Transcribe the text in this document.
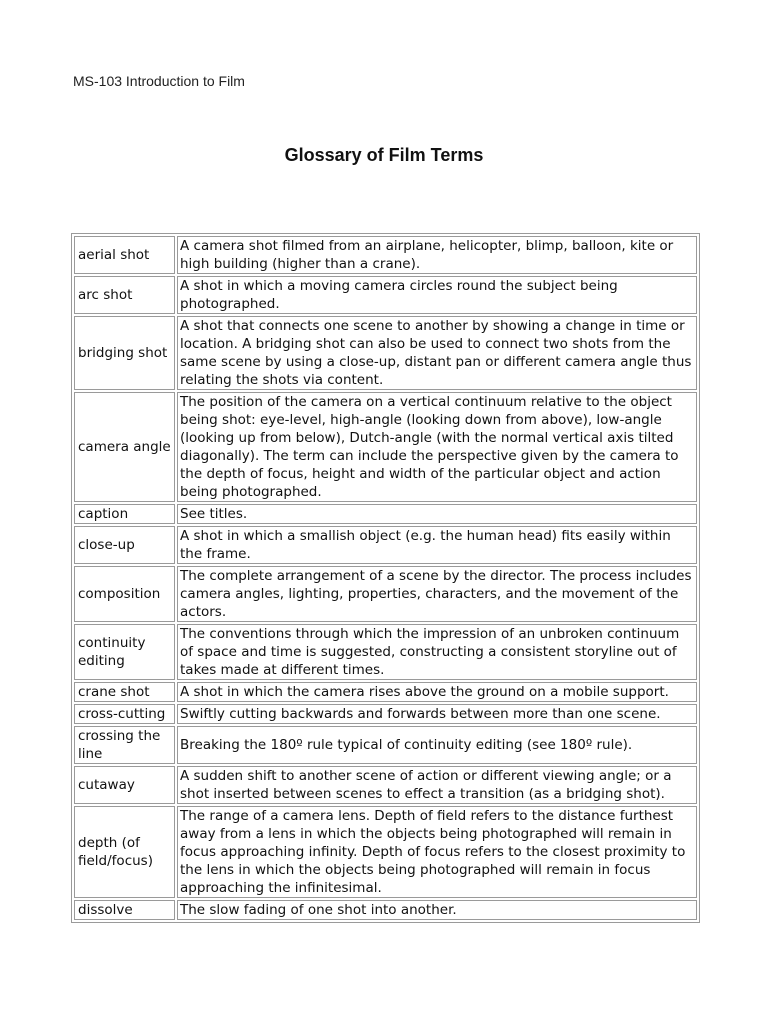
MS-103 Introduction to Film
Glossary of Film Terms
aerial shot	A camera shot filmed from an airplane, helicopter, blimp, balloon, kite or high building (higher than a crane).
arc shot	A shot in which a moving camera circles round the subject being photographed.
bridging shot	A shot that connects one scene to another by showing a change in time or location. A bridging shot can also be used to connect two shots from the same scene by using a close-up, distant pan or different camera angle thus relating the shots via content.
camera angle	The position of the camera on a vertical continuum relative to the object being shot: eye-level, high-angle (looking down from above), low-angle (looking up from below), Dutch-angle (with the normal vertical axis tilted diagonally). The term can include the perspective given by the camera to the depth of focus, height and width of the particular object and action being photographed.
caption	See titles.
close-up	A shot in which a smallish object (e.g. the human head) fits easily within the frame.
composition	The complete arrangement of a scene by the director. The process includes camera angles, lighting, properties, characters, and the movement of the actors.
continuity editing	The conventions through which the impression of an unbroken continuum of space and time is suggested, constructing a consistent storyline out of takes made at different times.
crane shot	A shot in which the camera rises above the ground on a mobile support.
cross-cutting	Swiftly cutting backwards and forwards between more than one scene.
crossing the line	Breaking the 180º rule typical of continuity editing (see 180º rule).
cutaway	A sudden shift to another scene of action or different viewing angle; or a shot inserted between scenes to effect a transition (as a bridging shot).
depth (of field/focus)	The range of a camera lens. Depth of field refers to the distance furthest away from a lens in which the objects being photographed will remain in focus approaching infinity. Depth of focus refers to the closest proximity to the lens in which the objects being photographed will remain in focus approaching the infinitesimal.
dissolve	The slow fading of one shot into another.
